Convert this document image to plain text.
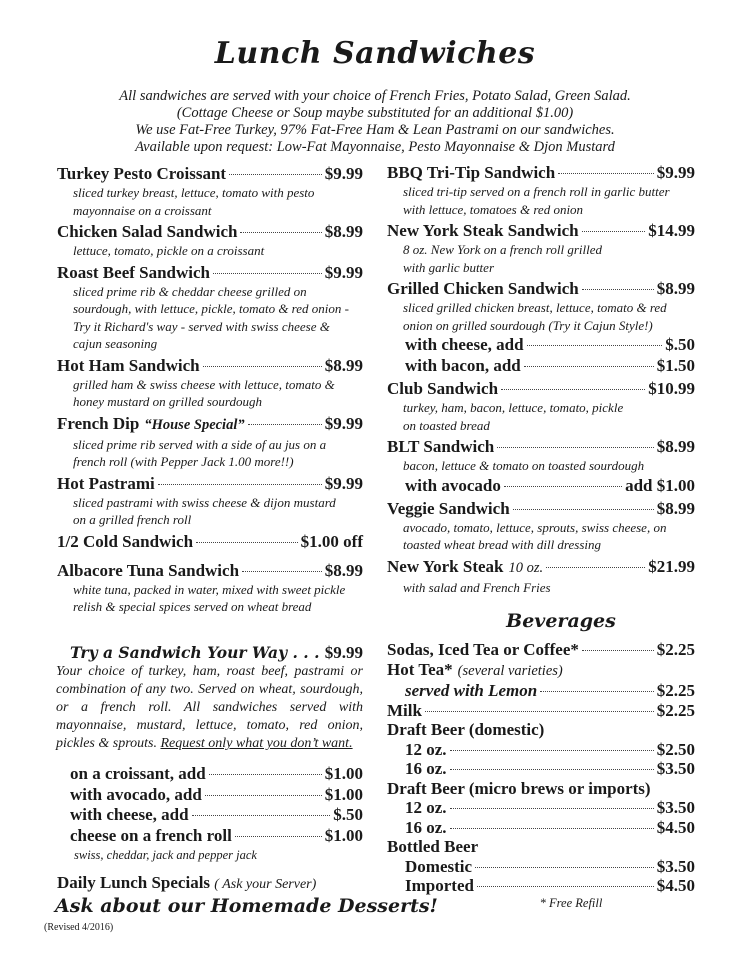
Lunch Sandwiches
All sandwiches are served with your choice of French Fries, Potato Salad, Green Salad.
(Cottage Cheese or Soup maybe substituted for an additional $1.00)
We use Fat-Free Turkey, 97% Fat-Free Ham & Lean Pastrami on our sandwiches.
Available upon request: Low-Fat Mayonnaise, Pesto Mayonnaise & Djon Mustard
Turkey Pesto Croissant	$9.99
sliced turkey breast, lettuce, tomato with pesto
mayonnaise on a croissant
Chicken Salad Sandwich	$8.99
lettuce, tomato, pickle on a croissant
Roast Beef Sandwich	$9.99
sliced prime rib & cheddar cheese grilled on
sourdough, with lettuce, pickle, tomato & red onion -
Try it Richard's way - served with swiss cheese &
cajun seasoning
Hot Ham Sandwich	$8.99
grilled ham & swiss cheese with lettuce, tomato &
honey mustard on grilled sourdough
French Dip “House Special”	$9.99
sliced prime rib served with a side of au jus on a
french roll (with Pepper Jack 1.00 more!!)
Hot Pastrami	$9.99
sliced pastrami with swiss cheese & dijon mustard
on a grilled french roll
1/2 Cold Sandwich	$1.00 off
Albacore Tuna Sandwich	$8.99
white tuna, packed in water, mixed with sweet pickle
relish & special spices served on wheat bread
BBQ Tri-Tip Sandwich	$9.99
sliced tri-tip served on a french roll in garlic butter
with lettuce, tomatoes & red onion
New York Steak Sandwich	$14.99
8 oz. New York on a french roll grilled
with garlic butter
Grilled Chicken Sandwich	$8.99
sliced grilled chicken breast, lettuce, tomato & red
onion on grilled sourdough (Try it Cajun Style!)
with cheese, add	$.50
with bacon, add	$1.50
Club Sandwich	$10.99
turkey, ham, bacon, lettuce, tomato, pickle
on toasted bread
BLT Sandwich	$8.99
bacon, lettuce & tomato on toasted sourdough
with avocado	add $1.00
Veggie Sandwich	$8.99
avocado, tomato, lettuce, sprouts, swiss cheese, on
toasted wheat bread with dill dressing
New York Steak 10 oz.	$21.99
with salad and French Fries
Beverages
Sodas, Iced Tea or Coffee*	$2.25
Hot Tea* (several varieties)
served with Lemon	$2.25
Milk	$2.25
Draft Beer (domestic)
12 oz.	$2.50
16 oz.	$3.50
Draft Beer (micro brews or imports)
12 oz.	$3.50
16 oz.	$4.50
Bottled Beer
Domestic	$3.50
Imported	$4.50
* Free Refill
Try a Sandwich Your Way . . . $9.99
Your choice of turkey, ham, roast beef, pastrami or combination of any two. Served on wheat, sourdough, or a french roll. All sandwiches served with mayonnaise, mustard, lettuce, tomato, red onion, pickles & sprouts. Request only what you don’t want.
on a croissant, add	$1.00
with avocado, add	$1.00
with cheese, add	$.50
cheese on a french roll	$1.00
swiss, cheddar, jack and pepper jack
Daily Lunch Specials ( Ask your Server)
Ask about our Homemade Desserts!
(Revised 4/2016)
